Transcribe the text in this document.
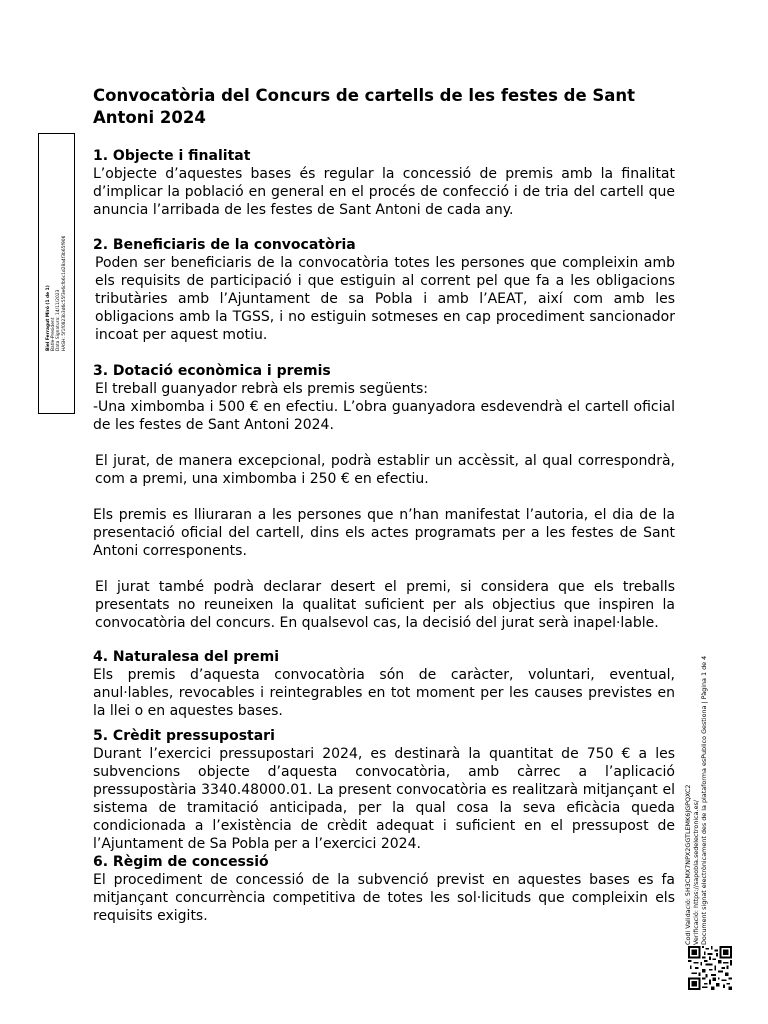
Convocatòria del Concurs de cartells de les festes de Sant Antoni 2024
Biel Ferragut Miró (1 de 1) Batle-President Data Signatura: 14/11/2023 HASH: 5f1f0823b3d6c55f3e6cfb6c1d28a4f3b65f906

1. Objecte i finalitat

L’objecte d’aquestes bases és regular la concessió de premis amb la finalitat d’implicar la població en general en el procés de confecció i de tria del cartell que anuncia l’arribada de les festes de Sant Antoni de cada any.

2. Beneficiaris de la convocatòria

Poden ser beneficiaris de la convocatòria totes les persones que compleixin amb els requisits de participació i que estiguin al corrent pel que fa a les obligacions tributàries amb l’Ajuntament de sa Pobla i amb l’AEAT, així com amb les obligacions amb la TGSS, i no estiguin sotmeses en cap procediment sancionador incoat per aquest motiu.

3. Dotació econòmica i premis

El treball guanyador rebrà els premis següents:

-Una ximbomba i 500 € en efectiu. L’obra guanyadora esdevendrà el cartell oficial de les festes de Sant Antoni 2024.

El jurat, de manera excepcional, podrà establir un accèssit, al qual correspondrà, com a premi, una ximbomba i 250 € en efectiu.

Els premis es lliuraran a les persones que n’han manifestat l’autoria, el dia de la presentació oficial del cartell, dins els actes programats per a les festes de Sant Antoni corresponents.

El jurat també podrà declarar desert el premi, si considera que els treballs presentats no reuneixen la qualitat suficient per als objectius que inspiren la convocatòria del concurs. En qualsevol cas, la decisió del jurat serà inapel·lable.

4. Naturalesa del premi

Els premis d’aquesta convocatòria són de caràcter, voluntari, eventual, anul·lables, revocables i reintegrables en tot moment per les causes previstes en la llei o en aquestes bases.

5. Crèdit pressupostari

Durant l’exercici pressupostari 2024, es destinarà la quantitat de 750 € a les subvencions objecte d’aquesta convocatòria, amb càrrec a l’aplicació pressupostària 3340.48000.01. La present convocatòria es realitzarà mitjançant el sistema de tramitació anticipada, per la qual cosa la seva eficàcia queda condicionada a l’existència de crèdit adequat i suficient en el pressupost de l’Ajuntament de Sa Pobla per a l’exercici 2024.

6. Règim de concessió

El procediment de concessió de la subvenció previst en aquestes bases es fa mitjançant concurrència competitiva de totes les sol·licituds que compleixin els requisits exigits.	Codi Validació: 5H3CMX7NPX2GGTLEMK6JGPQXC2 Verificació: https://sapobla.sedelectronica.es/ Document signat electrònicament des de la plataforma esPublico Gestiona | Pàgina 1 de 4
